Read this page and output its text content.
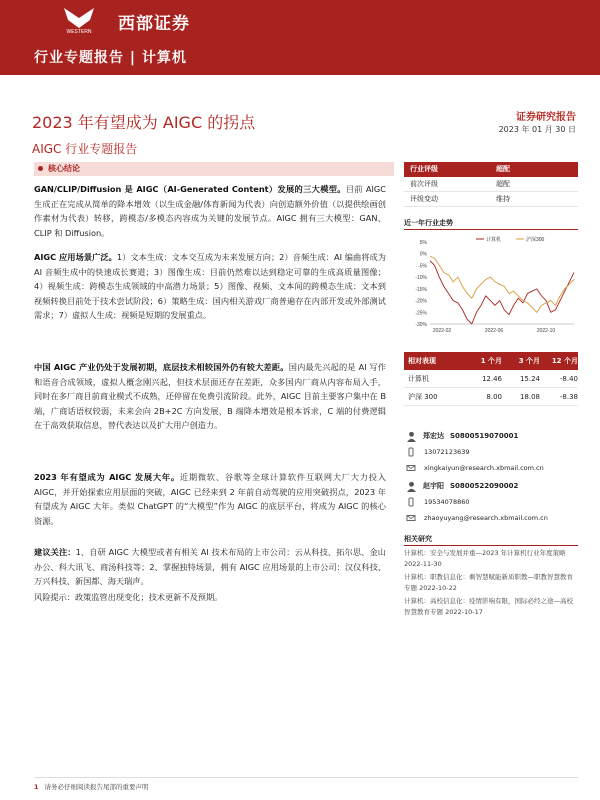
WESTERN 西部证券
行业专题报告 | 计算机
2023 年有望成为 AIGC 的拐点
AIGC 行业专题报告
证券研究报告
2023 年 01 月 30 日
核心结论
GAN/CLIP/Diffusion 是 AIGC（AI-Generated Content）发展的三大模型。目前 AIGC 生成正在完成从简单的降本增效（以生成金融/体育新闻为代表）向创造额外价值（以提供绘画创作素材为代表）转移，跨模态/多模态内容成为关键的发展节点。AIGC 拥有三大模型：GAN、CLIP 和 Diffusion。
AIGC 应用场景广泛。1）文本生成：文本交互成为未来发展方向；2）音频生成：AI 编曲将成为 AI 音频生成中的快速成长赛道；3）图像生成：目前仍然难以达到稳定可靠的生成高质量图像；4）视频生成：跨模态生成领域的中高潜力场景；5）图像、视频、文本间的跨模态生成：文本到视频转换目前处于技术尝试阶段；6）策略生成：国内相关游戏厂商普遍存在内部开发或外部测试需求；7）虚拟人生成：视频是短期的发展重点。
中国 AIGC 产业仍处于发展初期，底层技术相较国外仍有较大差距。国内最先兴起的是 AI 写作和语音合成领域，虚拟人概念刚兴起，但技术层面还存在差距，众多国内厂商从内容布局入手，同时在多厂商目前商业模式不成熟，还停留在免费引流阶段。此外，AIGC 目前主要客户集中在 B 端，广商话语权较弱，未来会向 2B+2C 方向发展，B 端降本增效是根本诉求，C 端的付费逻辑在于高效获取信息，替代表达以及扩大用户创造力。
2023 年有望成为 AIGC 发展大年。近期微软、谷歌等全球计算软件互联网大厂大力投入 AIGC，并开始探索应用层面的突破，AIGC 已经来到 2 年前自动驾驶的应用突破拐点，2023 年有望成为 AIGC 大年。类似 ChatGPT 的“大模型”作为 AIGC 的底层平台，将成为 AIGC 的核心资源。
建议关注：1、自研 AIGC 大模型或者有相关 AI 技术布局的上市公司：云从科技、拓尔思、金山办公、科大讯飞、商汤科技等；2、掌握独特场景，拥有 AIGC 应用场景的上市公司：汉仪科技、万兴科技、新国都、海天瑞声。
风险提示：政策监管出现变化；技术更新不及预期。
行业评级	超配
前次评级	超配
评级变动	维持
近一年行业走势
5%
0%
-5%
-10%
-15%
-20%
-25%
-30%
2022-02	2022-06	2022-10
计算机	沪深300
相对表现	1 个月	3 个月	12 个月
计算机	12.46	15.24	-8.40
沪深 300	8.00	18.08	-8.38
郑宏达 S0800519070001
13072123639
xingkaiyun@research.xbmail.com.cn
赵宇阳 S0800522090002
19534078860
zhaoyuyang@research.xbmail.com.cn
相关研究
计算机：安全与发展并重—2023 年计算机行业年度策略 2022-11-30
计算机：职教信息化：剩智慧赋能新质职教—职教智慧教育专题 2022-10-22
计算机：高校信息化：疫情影响有限，国际必经之途—高校智慧教育专题 2022-10-17
1 请务必仔细阅读报告尾部的重要声明
